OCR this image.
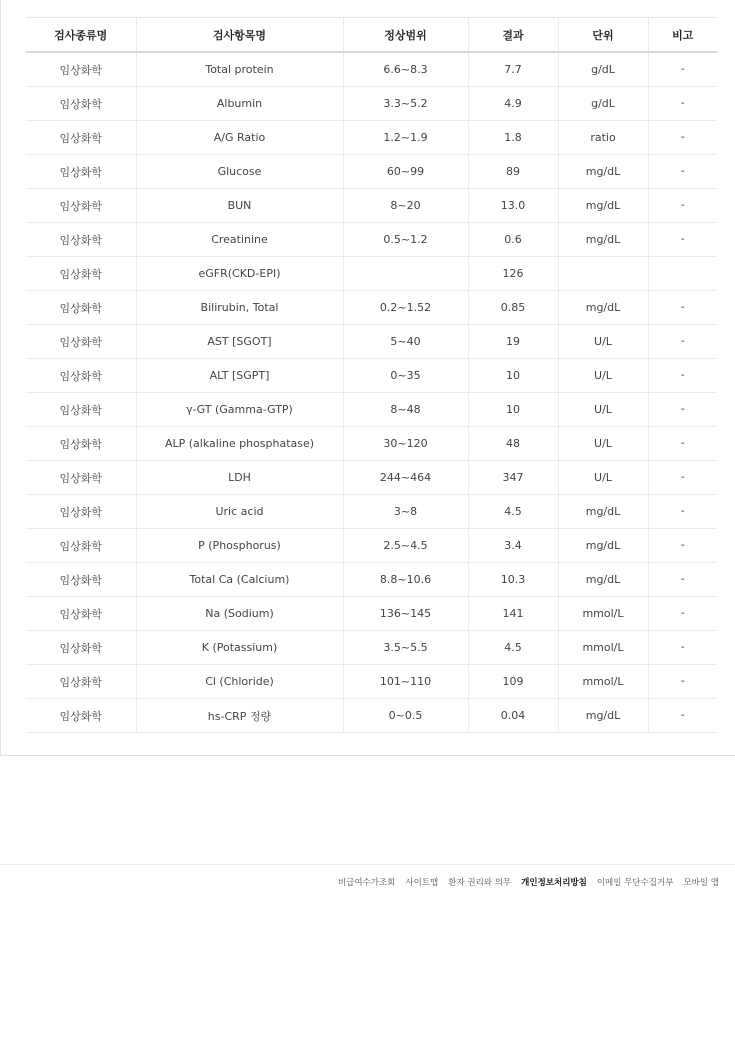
검사종류명	검사항목명	정상범위	결과	단위	비고
임상화학	Total protein	6.6~8.3	7.7	g/dL	-
임상화학	Albumin	3.3~5.2	4.9	g/dL	-
임상화학	A/G Ratio	1.2~1.9	1.8	ratio	-
임상화학	Glucose	60~99	89	mg/dL	-
임상화학	BUN	8~20	13.0	mg/dL	-
임상화학	Creatinine	0.5~1.2	0.6	mg/dL	-
임상화학	eGFR(CKD-EPI)		126		
임상화학	Bilirubin, Total	0.2~1.52	0.85	mg/dL	-
임상화학	AST [SGOT]	5~40	19	U/L	-
임상화학	ALT [SGPT]	0~35	10	U/L	-
임상화학	γ-GT (Gamma-GTP)	8~48	10	U/L	-
임상화학	ALP (alkaline phosphatase)	30~120	48	U/L	-
임상화학	LDH	244~464	347	U/L	-
임상화학	Uric acid	3~8	4.5	mg/dL	-
임상화학	P (Phosphorus)	2.5~4.5	3.4	mg/dL	-
임상화학	Total Ca (Calcium)	8.8~10.6	10.3	mg/dL	-
임상화학	Na (Sodium)	136~145	141	mmol/L	-
임상화학	K (Potassium)	3.5~5.5	4.5	mmol/L	-
임상화학	Cl (Chloride)	101~110	109	mmol/L	-
임상화학	hs-CRP 정량	0~0.5	0.04	mg/dL	-
비급여수가조회 사이트맵 환자 권리와 의무 개인정보처리방침 이메일 무단수집거부 모바일 앱
